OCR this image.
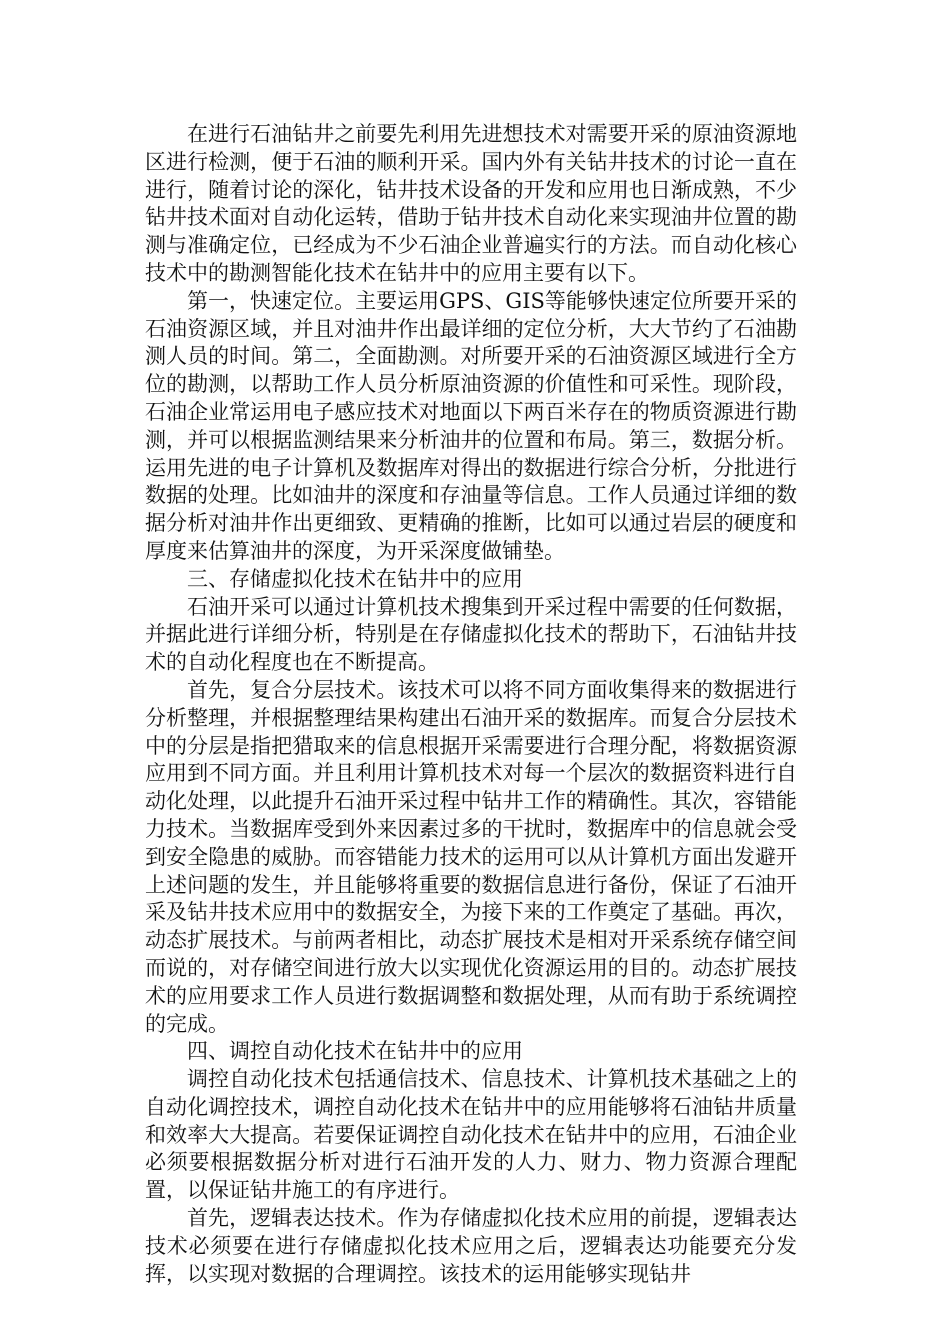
在进行石油钻井之前要先利用先进想技术对需要开采的原油资源地区进行检测，便于石油的顺利开采。国内外有关钻井技术的讨论一直在进行，随着讨论的深化，钻井技术设备的开发和应用也日渐成熟，不少钻井技术面对自动化运转，借助于钻井技术自动化来实现油井位置的勘测与准确定位，已经成为不少石油企业普遍实行的方法。而自动化核心技术中的勘测智能化技术在钻井中的应用主要有以下。

第一，快速定位。主要运用GPS、GIS等能够快速定位所要开采的石油资源区域，并且对油井作出最详细的定位分析，大大节约了石油勘测人员的时间。第二，全面勘测。对所要开采的石油资源区域进行全方位的勘测，以帮助工作人员分析原油资源的价值性和可采性。现阶段，石油企业常运用电子感应技术对地面以下两百米存在的物质资源进行勘测，并可以根据监测结果来分析油井的位置和布局。第三，数据分析。运用先进的电子计算机及数据库对得出的数据进行综合分析，分批进行数据的处理。比如油井的深度和存油量等信息。工作人员通过详细的数据分析对油井作出更细致、更精确的推断，比如可以通过岩层的硬度和厚度来估算油井的深度，为开采深度做铺垫。

三、存储虚拟化技术在钻井中的应用

石油开采可以通过计算机技术搜集到开采过程中需要的任何数据，并据此进行详细分析，特别是在存储虚拟化技术的帮助下，石油钻井技术的自动化程度也在不断提高。

首先，复合分层技术。该技术可以将不同方面收集得来的数据进行分析整理，并根据整理结果构建出石油开采的数据库。而复合分层技术中的分层是指把猎取来的信息根据开采需要进行合理分配，将数据资源应用到不同方面。并且利用计算机技术对每一个层次的数据资料进行自动化处理，以此提升石油开采过程中钻井工作的精确性。其次，容错能力技术。当数据库受到外来因素过多的干扰时，数据库中的信息就会受到安全隐患的威胁。而容错能力技术的运用可以从计算机方面出发避开上述问题的发生，并且能够将重要的数据信息进行备份，保证了石油开采及钻井技术应用中的数据安全，为接下来的工作奠定了基础。再次，动态扩展技术。与前两者相比，动态扩展技术是相对开采系统存储空间而说的，对存储空间进行放大以实现优化资源运用的目的。动态扩展技术的应用要求工作人员进行数据调整和数据处理，从而有助于系统调控的完成。

四、调控自动化技术在钻井中的应用

调控自动化技术包括通信技术、信息技术、计算机技术基础之上的自动化调控技术，调控自动化技术在钻井中的应用能够将石油钻井质量和效率大大提高。若要保证调控自动化技术在钻井中的应用，石油企业必须要根据数据分析对进行石油开发的人力、财力、物力资源合理配置，以保证钻井施工的有序进行。

首先，逻辑表达技术。作为存储虚拟化技术应用的前提，逻辑表达技术必须要在进行存储虚拟化技术应用之后，逻辑表达功能要充分发挥，以实现对数据的合理调控。该技术的运用能够实现钻井
